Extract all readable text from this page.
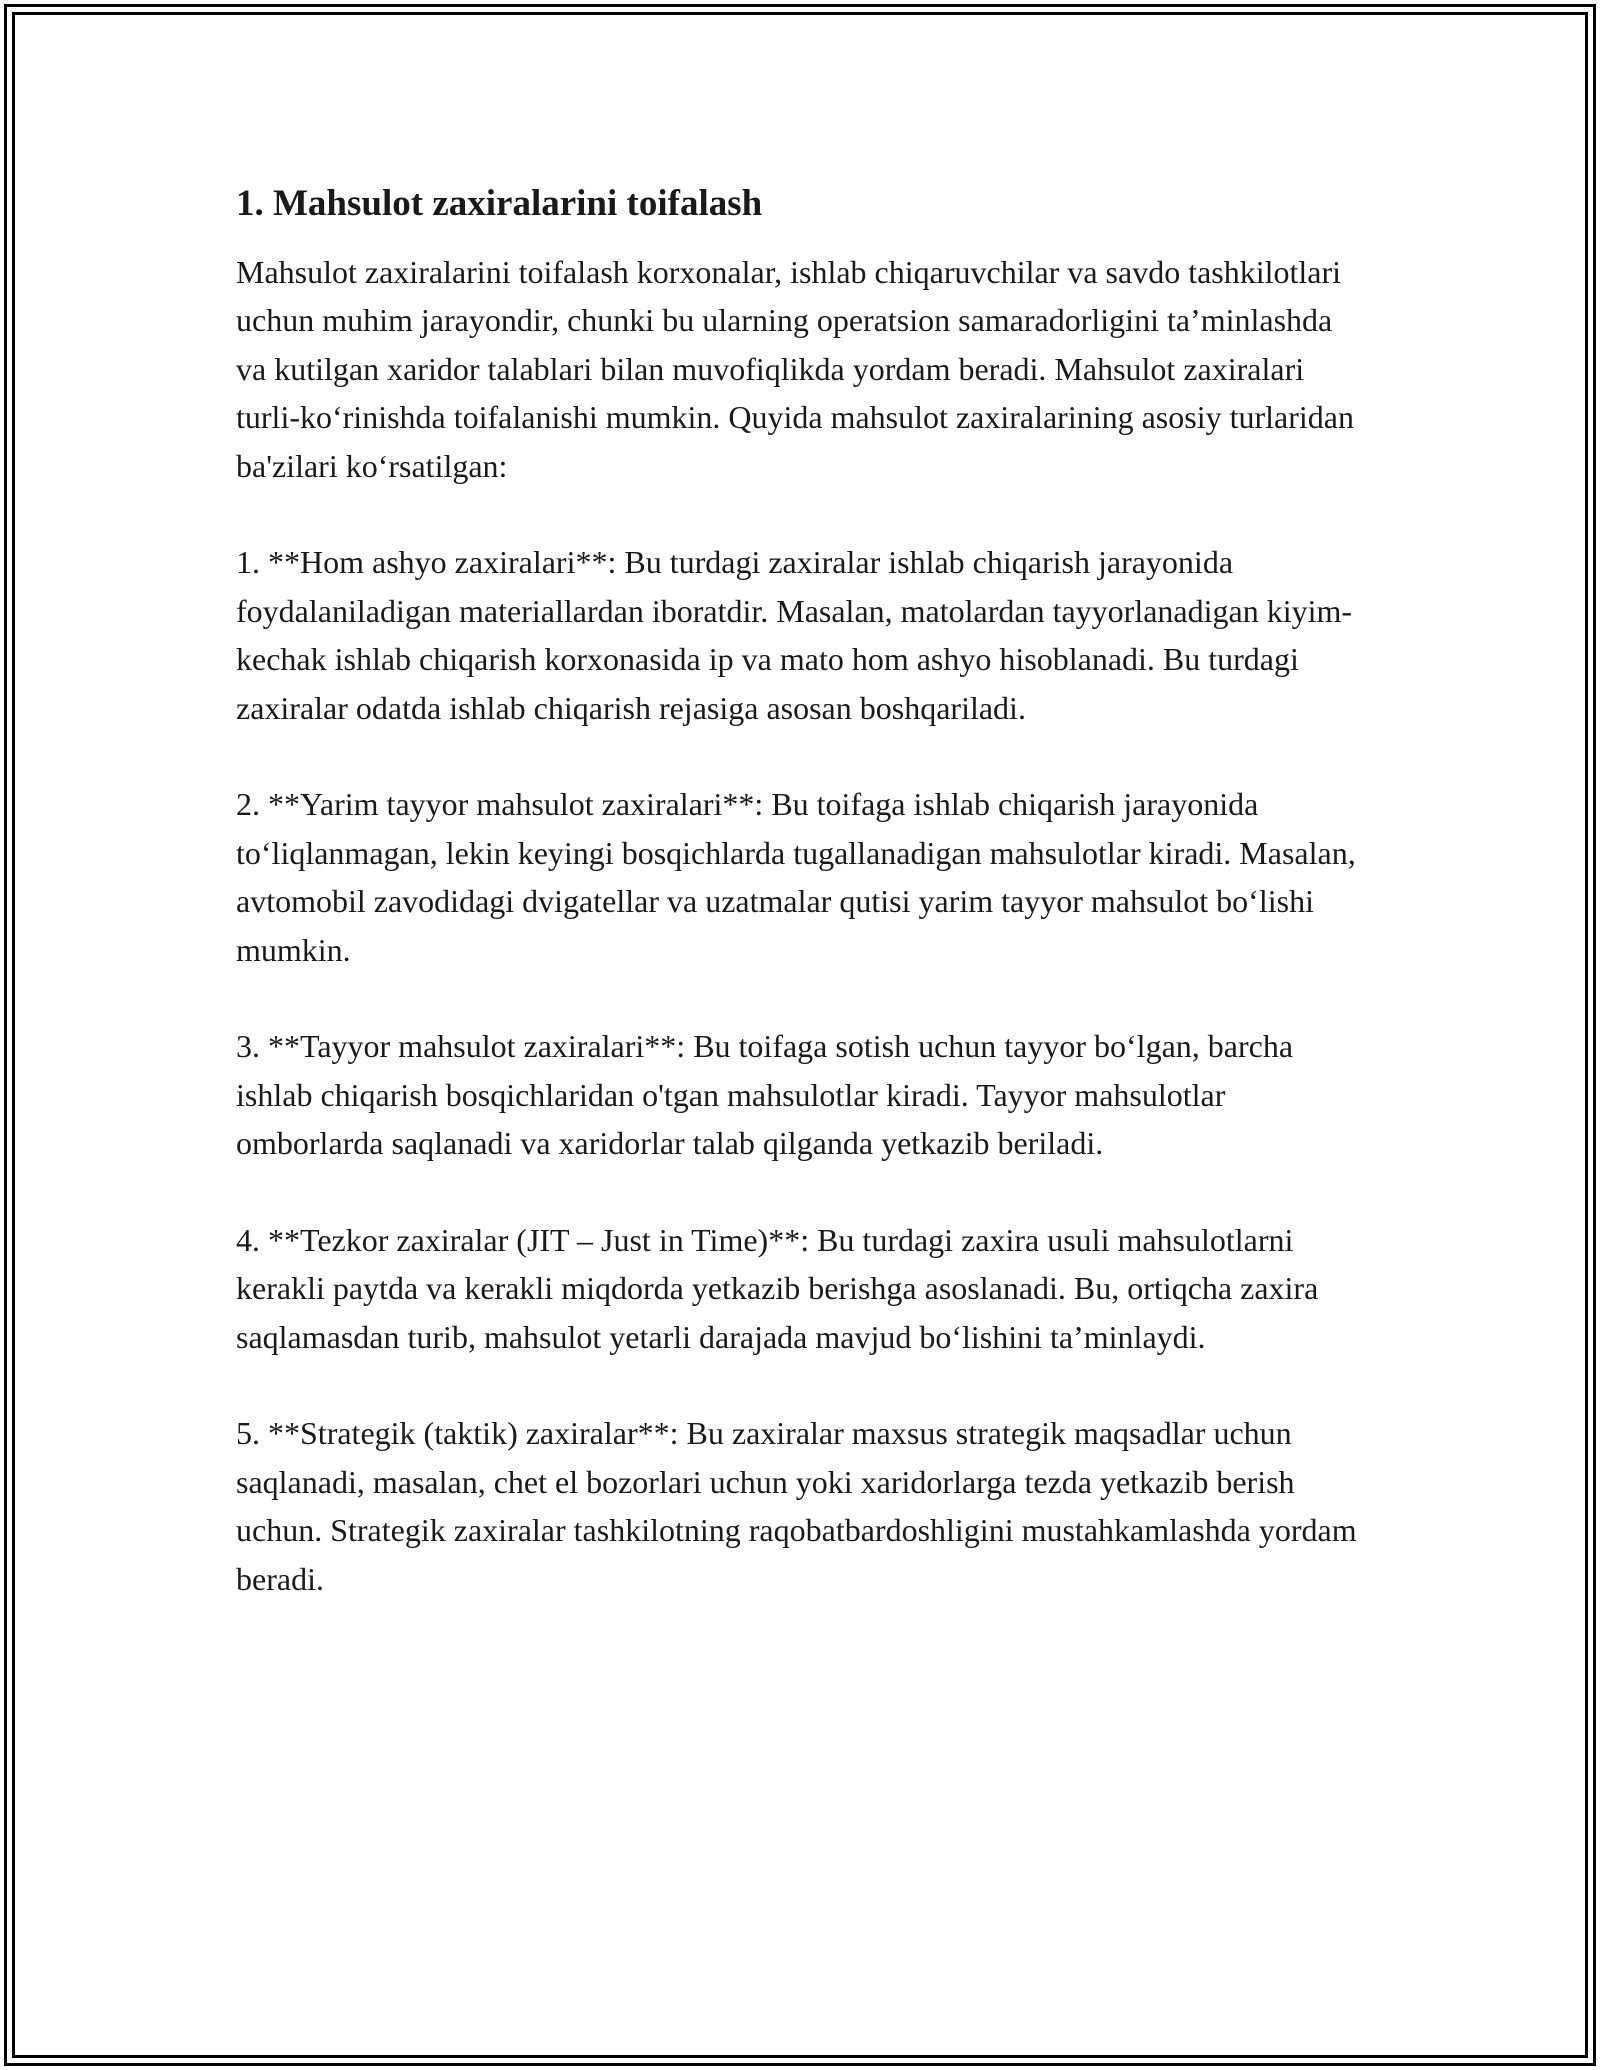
1. Mahsulot zaxiralarini toifalash

Mahsulot zaxiralarini toifalash korxonalar, ishlab chiqaruvchilar va savdo tashkilotlari uchun muhim jarayondir, chunki bu ularning operatsion samaradorligini ta’minlashda va kutilgan xaridor talablari bilan muvofiqlikda yordam beradi. Mahsulot zaxiralari turli-ko‘rinishda toifalanishi mumkin. Quyida mahsulot zaxiralarining asosiy turlaridan ba'zilari ko‘rsatilgan:

1. **Hom ashyo zaxiralari**: Bu turdagi zaxiralar ishlab chiqarish jarayonida foydalaniladigan materiallardan iboratdir. Masalan, matolardan tayyorlanadigan kiyim-kechak ishlab chiqarish korxonasida ip va mato hom ashyo hisoblanadi. Bu turdagi zaxiralar odatda ishlab chiqarish rejasiga asosan boshqariladi.

2. **Yarim tayyor mahsulot zaxiralari**: Bu toifaga ishlab chiqarish jarayonida to‘liqlanmagan, lekin keyingi bosqichlarda tugallanadigan mahsulotlar kiradi. Masalan, avtomobil zavodidagi dvigatellar va uzatmalar qutisi yarim tayyor mahsulot bo‘lishi mumkin.

3. **Tayyor mahsulot zaxiralari**: Bu toifaga sotish uchun tayyor bo‘lgan, barcha ishlab chiqarish bosqichlaridan o'tgan mahsulotlar kiradi. Tayyor mahsulotlar omborlarda saqlanadi va xaridorlar talab qilganda yetkazib beriladi.

4. **Tezkor zaxiralar (JIT – Just in Time)**: Bu turdagi zaxira usuli mahsulotlarni kerakli paytda va kerakli miqdorda yetkazib berishga asoslanadi. Bu, ortiqcha zaxira saqlamasdan turib, mahsulot yetarli darajada mavjud bo‘lishini ta’minlaydi.

5. **Strategik (taktik) zaxiralar**: Bu zaxiralar maxsus strategik maqsadlar uchun saqlanadi, masalan, chet el bozorlari uchun yoki xaridorlarga tezda yetkazib berish uchun. Strategik zaxiralar tashkilotning raqobatbardoshligini mustahkamlashda yordam beradi.
